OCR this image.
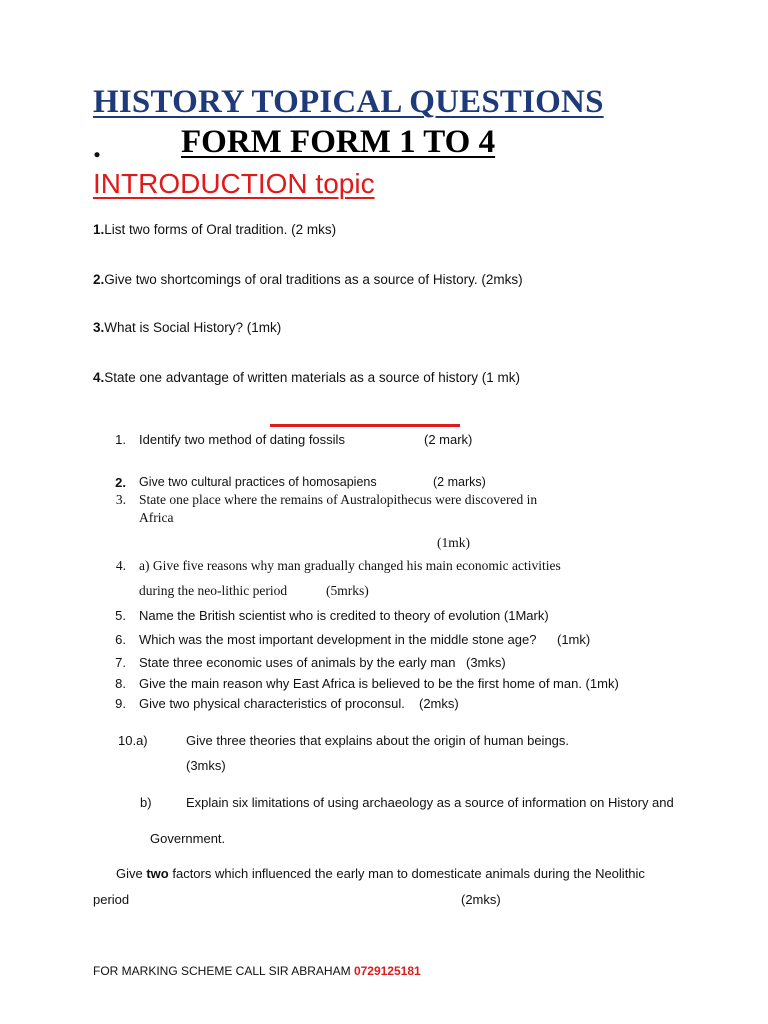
HISTORY TOPICAL QUESTIONS
. FORM FORM 1 TO 4
INTRODUCTION topic
1.List two forms of Oral tradition. (2 mks)
2.Give two shortcomings of oral traditions as a source of History. (2mks)
3.What is Social History? (1mk)
4.State one advantage of written materials as a source of history (1 mk)
1. Identify two method of dating fossils	(2 mark)
2. Give two cultural practices of homosapiens	(2 marks)
3. State one place where the remains of Australopithecus were discovered in
Africa
(1mk)
4. a) Give five reasons why man gradually changed his main economic activities
during the neo-lithic period	(5mrks)
5. Name the British scientist who is credited to theory of evolution (1Mark)
6. Which was the most important development in the middle stone age? (1mk)
7. State three economic uses of animals by the early man (3mks)
8. Give the main reason why East Africa is believed to be the first home of man. (1mk)
9. Give two physical characteristics of proconsul. (2mks)
10.a)	Give three theories that explains about the origin of human beings.
(3mks)
b)	Explain six limitations of using archaeology as a source of information on History and
Government.
Give two factors which influenced the early man to domesticate animals during the Neolithic
period	(2mks)
FOR MARKING SCHEME CALL SIR ABRAHAM 0729125181
